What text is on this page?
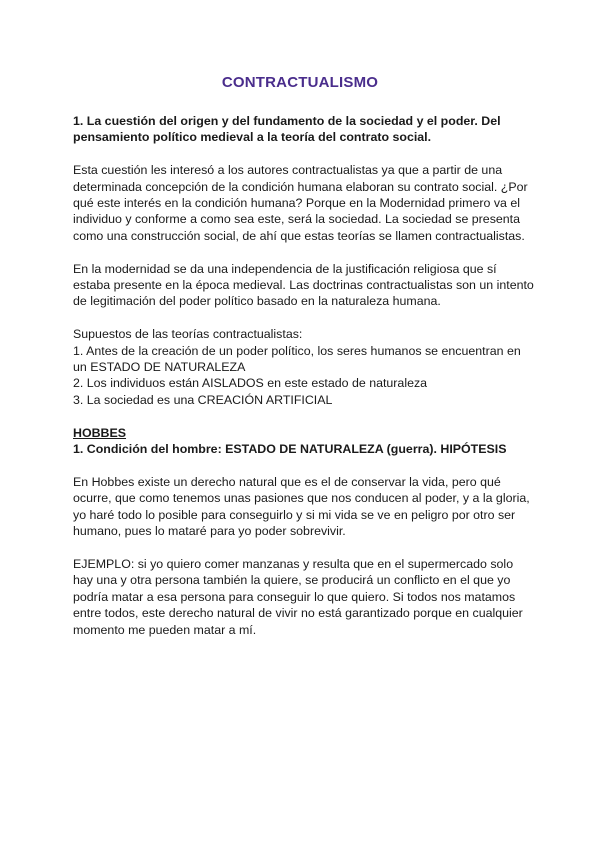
CONTRACTUALISMO

1. La cuestión del origen y del fundamento de la sociedad y el poder. Del pensamiento político medieval a la teoría del contrato social.

Esta cuestión les interesó a los autores contractualistas ya que a partir de una determinada concepción de la condición humana elaboran su contrato social. ¿Por qué este interés en la condición humana? Porque en la Modernidad primero va el individuo y conforme a como sea este, será la sociedad. La sociedad se presenta como una construcción social, de ahí que estas teorías se llamen contractualistas.

En la modernidad se da una independencia de la justificación religiosa que sí estaba presente en la época medieval. Las doctrinas contractualistas son un intento de legitimación del poder político basado en la naturaleza humana.

Supuestos de las teorías contractualistas:

1. Antes de la creación de un poder político, los seres humanos se encuentran en un ESTADO DE NATURALEZA

2. Los individuos están AISLADOS en este estado de naturaleza

3. La sociedad es una CREACIÓN ARTIFICIAL

HOBBES

1. Condición del hombre: ESTADO DE NATURALEZA (guerra). HIPÓTESIS

En Hobbes existe un derecho natural que es el de conservar la vida, pero qué ocurre, que como tenemos unas pasiones que nos conducen al poder, y a la gloria, yo haré todo lo posible para conseguirlo y si mi vida se ve en peligro por otro ser humano, pues lo mataré para yo poder sobrevivir.

EJEMPLO: si yo quiero comer manzanas y resulta que en el supermercado solo hay una y otra persona también la quiere, se producirá un conflicto en el que yo podría matar a esa persona para conseguir lo que quiero. Si todos nos matamos entre todos, este derecho natural de vivir no está garantizado porque en cualquier momento me pueden matar a mí.
